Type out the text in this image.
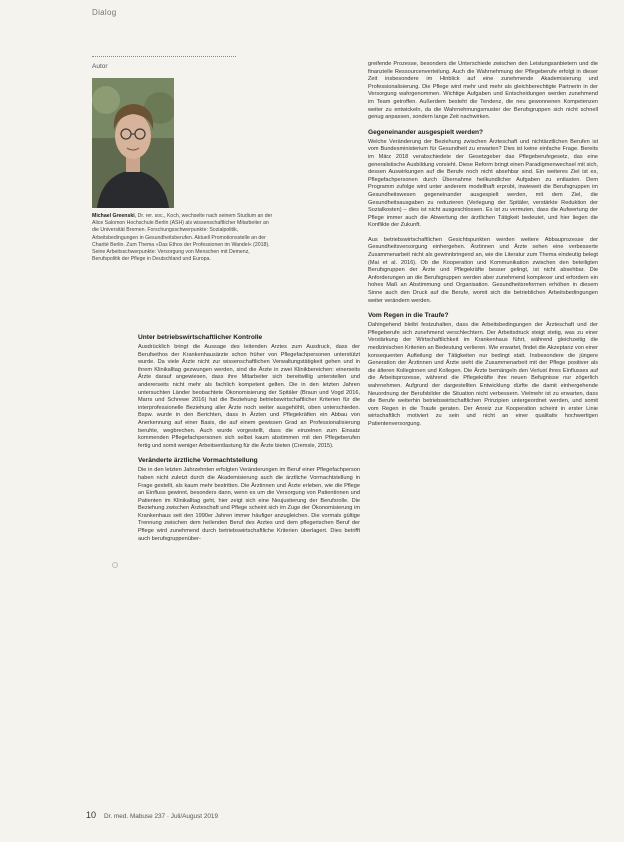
Dialog
Autor
Michael Greenski, Dr. rer. soc., Koch, wechselte nach seinem Studium an der Alice Salomon Hochschule Berlin (ASH) als wissenschaftlicher Mitarbeiter an die Universität Bremen. Forschungsschwerpunkte: Sozialpolitik, Arbeitsbedingungen in Gesundheitsberufen. Aktuell Promotionsstelle an der Charité Berlin. Zum Thema »Das Ethos der Professionen im Wandel« (2018). Seine Arbeitsschwerpunkte: Versorgung von Menschen mit Demenz, Berufspolitik der Pflege in Deutschland und Europa.
Unter betriebswirtschaftlicher Kontrolle

Ausdrücklich bringt die Aussage des leitenden Arztes zum Ausdruck, dass der Berufsethos der Krankenhausärzte schon früher von Pflegefachpersonen unterstützt wurde. Da viele Ärzte nicht zur wissenschaftlichen Verwaltungstätigkeit gehen und in ihrem Klinikalltag gezwungen werden, sind die Ärzte in zwei Klinikbereichen: einerseits Ärzte darauf angewiesen, dass ihre Mitarbeiter sich bereitwillig unterstellen und andererseits nicht mehr als fachlich kompetent gelten. Die in den letzten Jahren untersuchten Länder beobachtete Ökonomisierung der Spitäler (Braun und Vogd 2016, Marrs und Schrewe 2016) hat die Beziehung betriebswirtschaftlicher Kriterien für die interprofessionelle Beziehung aller Ärzte noch weiter ausgehöhlt, oben unterschieden. Bspw. wurde in den Berichten, dass in Ärzten und Pflegekräften ein Abbau von Anerkennung auf einer Basis, die auf einem gewissen Grad an Professionalisierung beruhte, wegbrechen. Auch wurde vorgestellt, dass die einzelnen zum Einsatz kommenden Pflegefachpersonen sich selbst kaum abstimmen mit den Pflegeberufen fertig und somit weniger Arbeitsentlastung für die Ärzte bieten (Cremsle, 2015).

Veränderte ärztliche Vormachtstellung

Die in den letzten Jahrzehnten erfolgten Veränderungen im Beruf einer Pflegefachperson haben nicht zuletzt durch die Akademisierung auch die ärztliche Vormachtstellung in Frage gestellt, als kaum mehr bestritten. Die Ärztinnen und Ärzte erleben, wie die Pflege an Einfluss gewinnt, besonders dann, wenn es um die Versorgung von Patientinnen und Patienten im Klinikalltag geht, hier zeigt sich eine Neujustierung der Berufsrolle. Die Beziehung zwischen Ärzteschaft und Pflege scheint sich im Zuge der Ökonomisierung im Krankenhaus seit den 1990er Jahren immer häufiger anzugleichen. Die vormals gültige Trennung zwischen dem heilenden Beruf des Arztes und dem pflegerischen Beruf der Pflege wird zunehmend durch betriebswirtschaftliche Kriterien überlagert. Dies betrifft auch berufsgruppenüber-

greifende Prozesse, besonders die Unterschiede zwischen den Leistungsanbietern und die finanzielle Ressourcenverteilung. Auch die Wahrnehmung der Pflegeberufe erfolgt in dieser Zeit insbesondere im Hinblick auf eine zunehmende Akademisierung und Professionalisierung. Die Pflege wird mehr und mehr als gleichberechtigte Partnerin in der Versorgung wahrgenommen. Wichtige Aufgaben und Entscheidungen werden zunehmend im Team getroffen. Außerdem besteht die Tendenz, die neu gewonnenen Kompetenzen weiter zu entwickeln, da die Wahrnehmungsmuster der Berufsgruppen sich nicht schnell genug anpassen, sondern lange Zeit nachwirken.

Gegeneinander ausgespielt werden?

Welche Veränderung der Beziehung zwischen Ärzteschaft und nichtärztlichen Berufen ist vom Bundesministerium für Gesundheit zu erwarten? Dies ist keine einfache Frage. Bereits im März 2018 verabschiedete der Gesetzgeber das Pflegeberufegesetz, das eine generalistische Ausbildung vorsieht. Diese Reform bringt einen Paradigmenwechsel mit sich, dessen Auswirkungen auf die Berufe noch nicht absehbar sind. Ein weiteres Ziel ist es, Pflegefachpersonen durch Übernahme heilkundlicher Aufgaben zu entlasten. Dem Programm zufolge wird unter anderem modellhaft erprobt, inwieweit die Berufsgruppen im Gesundheitswesen gegeneinander ausgespielt werden, mit dem Ziel, die Gesundheitsausgaben zu reduzieren (Verlegung der Spitäler, verstärkte Reduktion der Sozialkosten) – dies ist nicht ausgeschlossen. Es ist zu vermuten, dass die Aufwertung der Pflege immer auch die Abwertung der ärztlichen Tätigkeit bedeutet, und hier liegen die Konflikte der Zukunft.

Aus betriebswirtschaftlichen Gesichtspunkten werden weitere Abbauprozesse der Gesundheitsversorgung einhergehen. Ärztinnen und Ärzte sehen eine verbesserte Zusammenarbeit nicht als gewinnbringend an, wie die Literatur zum Thema eindeutig belegt (Mai et al. 2016). Ob die Kooperation und Kommunikation zwischen den beteiligten Berufsgruppen der Ärzte und Pflegekräfte besser gelingt, ist nicht absehbar. Die Anforderungen an die Berufsgruppen werden aber zunehmend komplexer und erfordern ein hohes Maß an Abstimmung und Organisation. Gesundheitsreformen erhöhen in diesem Sinne auch den Druck auf die Berufe, womit sich die betrieblichen Arbeitsbedingungen weiter verändern werden.

Vom Regen in die Traufe?

Dahingehend bleibt festzuhalten, dass die Arbeitsbedingungen der Ärzteschaft und der Pflegeberufe sich zunehmend verschlechtern. Der Arbeitsdruck steigt stetig, was zu einer Verstärkung der Wirtschaftlichkeit im Krankenhaus führt, während gleichzeitig die medizinischen Kriterien an Bedeutung verlieren. Wie erwartet, findet die Akzeptanz von einer konsequenten Aufteilung der Tätigkeiten nur bedingt statt. Insbesondere die jüngere Generation der Ärztinnen und Ärzte sieht die Zusammenarbeit mit der Pflege positiver als die älteren Kolleginnen und Kollegen. Die Ärzte bemängeln den Verlust ihres Einflusses auf die Arbeitsprozesse, während die Pflegekräfte ihre neuen Befugnisse nur zögerlich wahrnehmen. Aufgrund der dargestellten Entwicklung dürfte die damit einhergehende Neuordnung der Berufsbilder die Situation nicht verbessern. Vielmehr ist zu erwarten, dass die Berufe weiterhin betriebswirtschaftlichen Prinzipien untergeordnet werden, und somit vom Regen in die Traufe geraten. Der Anreiz zur Kooperation scheint in erster Linie wirtschaftlich motiviert zu sein und nicht an einer qualitativ hochwertigen Patientenversorgung.

10 Dr. med. Mabuse 237 · Juli/August 2019
